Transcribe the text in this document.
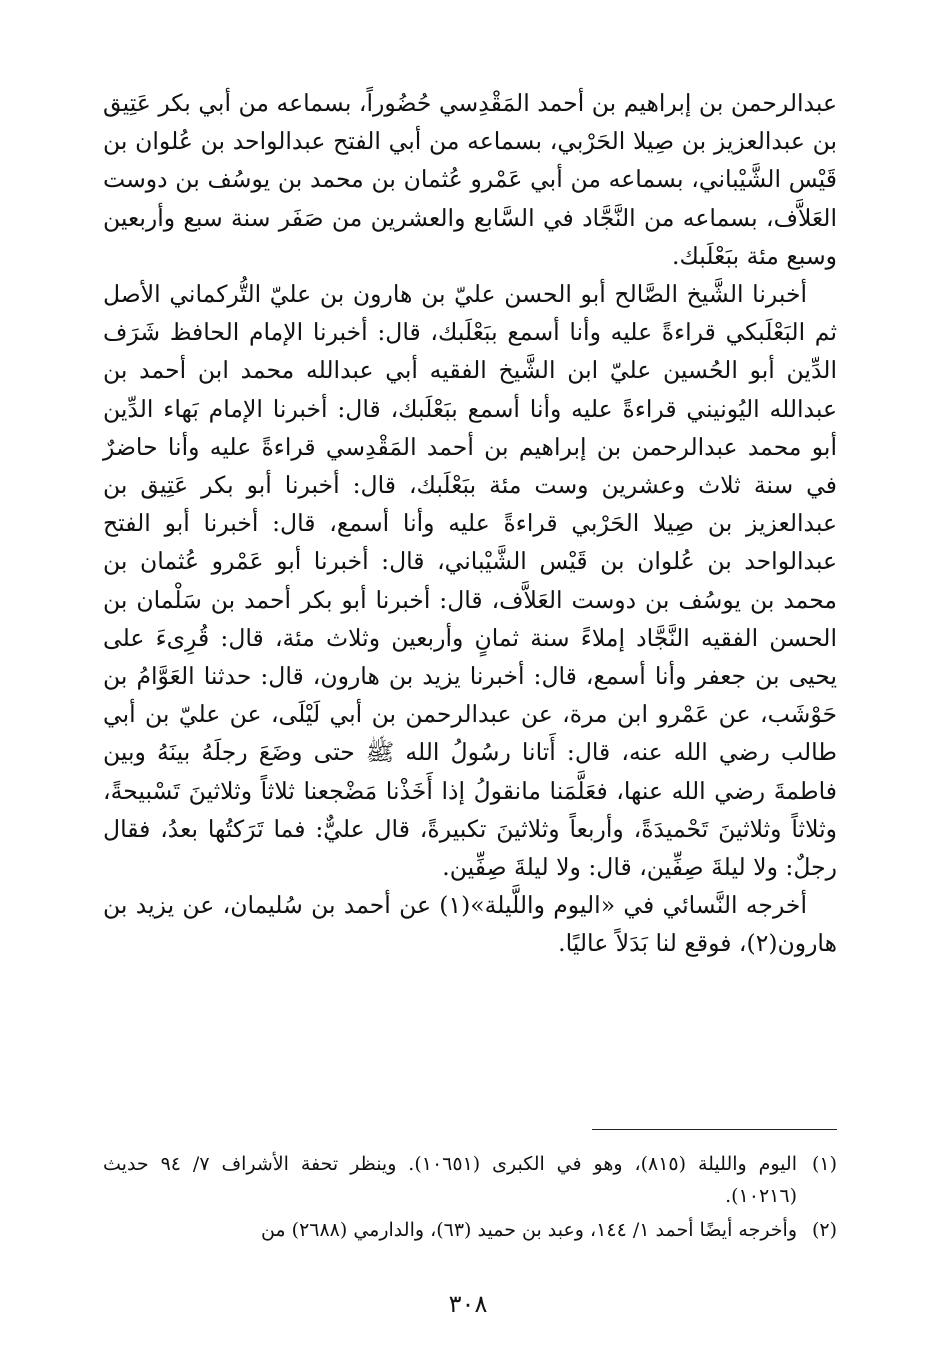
عبدالرحمن بن إبراهيم بن أحمد المَقْدِسي حُضُوراً، بسماعه من أبي بكر عَتِيق بن عبدالعزيز بن صِيلا الحَرْبي، بسماعه من أبي الفتح عبدالواحد بن عُلوان بن قَيْس الشَّيْباني، بسماعه من أبي عَمْرو عُثمان بن محمد بن يوسُف بن دوست العَلاَّف، بسماعه من النَّجَّاد في السَّابع والعشرين من صَفَر سنة سبع وأربعين وسبع مئة ببَعْلَبك.

أخبرنا الشَّيخ الصَّالح أبو الحسن عليّ بن هارون بن عليّ التُّركماني الأصل ثم البَعْلَبكي قراءةً عليه وأنا أسمع ببَعْلَبك، قال: أخبرنا الإمام الحافظ شَرَف الدِّين أبو الحُسين عليّ ابن الشَّيخ الفقيه أبي عبدالله محمد ابن أحمد بن عبدالله اليُونيني قراءةً عليه وأنا أسمع ببَعْلَبك، قال: أخبرنا الإمام بَهاء الدِّين أبو محمد عبدالرحمن بن إبراهيم بن أحمد المَقْدِسي قراءةً عليه وأنا حاضرٌ في سنة ثلاث وعشرين وست مئة ببَعْلَبك، قال: أخبرنا أبو بكر عَتِيق بن عبدالعزيز بن صِيلا الحَرْبي قراءةً عليه وأنا أسمع، قال: أخبرنا أبو الفتح عبدالواحد بن عُلوان بن قَيْس الشَّيْباني، قال: أخبرنا أبو عَمْرو عُثمان بن محمد بن يوسُف بن دوست العَلاَّف، قال: أخبرنا أبو بكر أحمد بن سَلْمان بن الحسن الفقيه النَّجَّاد إملاءً سنة ثمانٍ وأربعين وثلاث مئة، قال: قُرِىءَ على يحيى بن جعفر وأنا أسمع، قال: أخبرنا يزيد بن هارون، قال: حدثنا العَوَّامُ بن حَوْشَب، عن عَمْرو ابن مرة، عن عبدالرحمن بن أبي لَيْلَى، عن عليّ بن أبي طالب رضي الله عنه، قال: أَتانا رسُولُ الله ﷺ حتى وضَعَ رجلَهُ بينَهُ وبين فاطمةَ رضي الله عنها، فعَلَّمَنا مانقولُ إذا أَخَذْنا مَضْجعنا ثلاثاً وثلاثينَ تَسْبيحةً، وثلاثاً وثلاثينَ تَحْميدَةً، وأربعاً وثلاثينَ تكبيرةً، قال عليٌّ: فما تَرَكتُها بعدُ، فقال رجلٌ: ولا ليلةَ صِفِّين، قال: ولا ليلةَ صِفِّين.

أخرجه النَّسائي في «اليوم واللَّيلة»(١) عن أحمد بن سُليمان، عن يزيد بن هارون(٢)، فوقع لنا بَدَلاً عاليًا.

(١)
اليوم والليلة (٨١٥)، وهو في الكبرى (١٠٦٥١). وينظر تحفة الأشراف ٧/ ٩٤ حديث (١٠٢١٦).
(٢)
وأخرجه أيضًا أحمد ١/ ١٤٤، وعبد بن حميد (٦٣)، والدارمي (٢٦٨٨) من
٣٠٨
